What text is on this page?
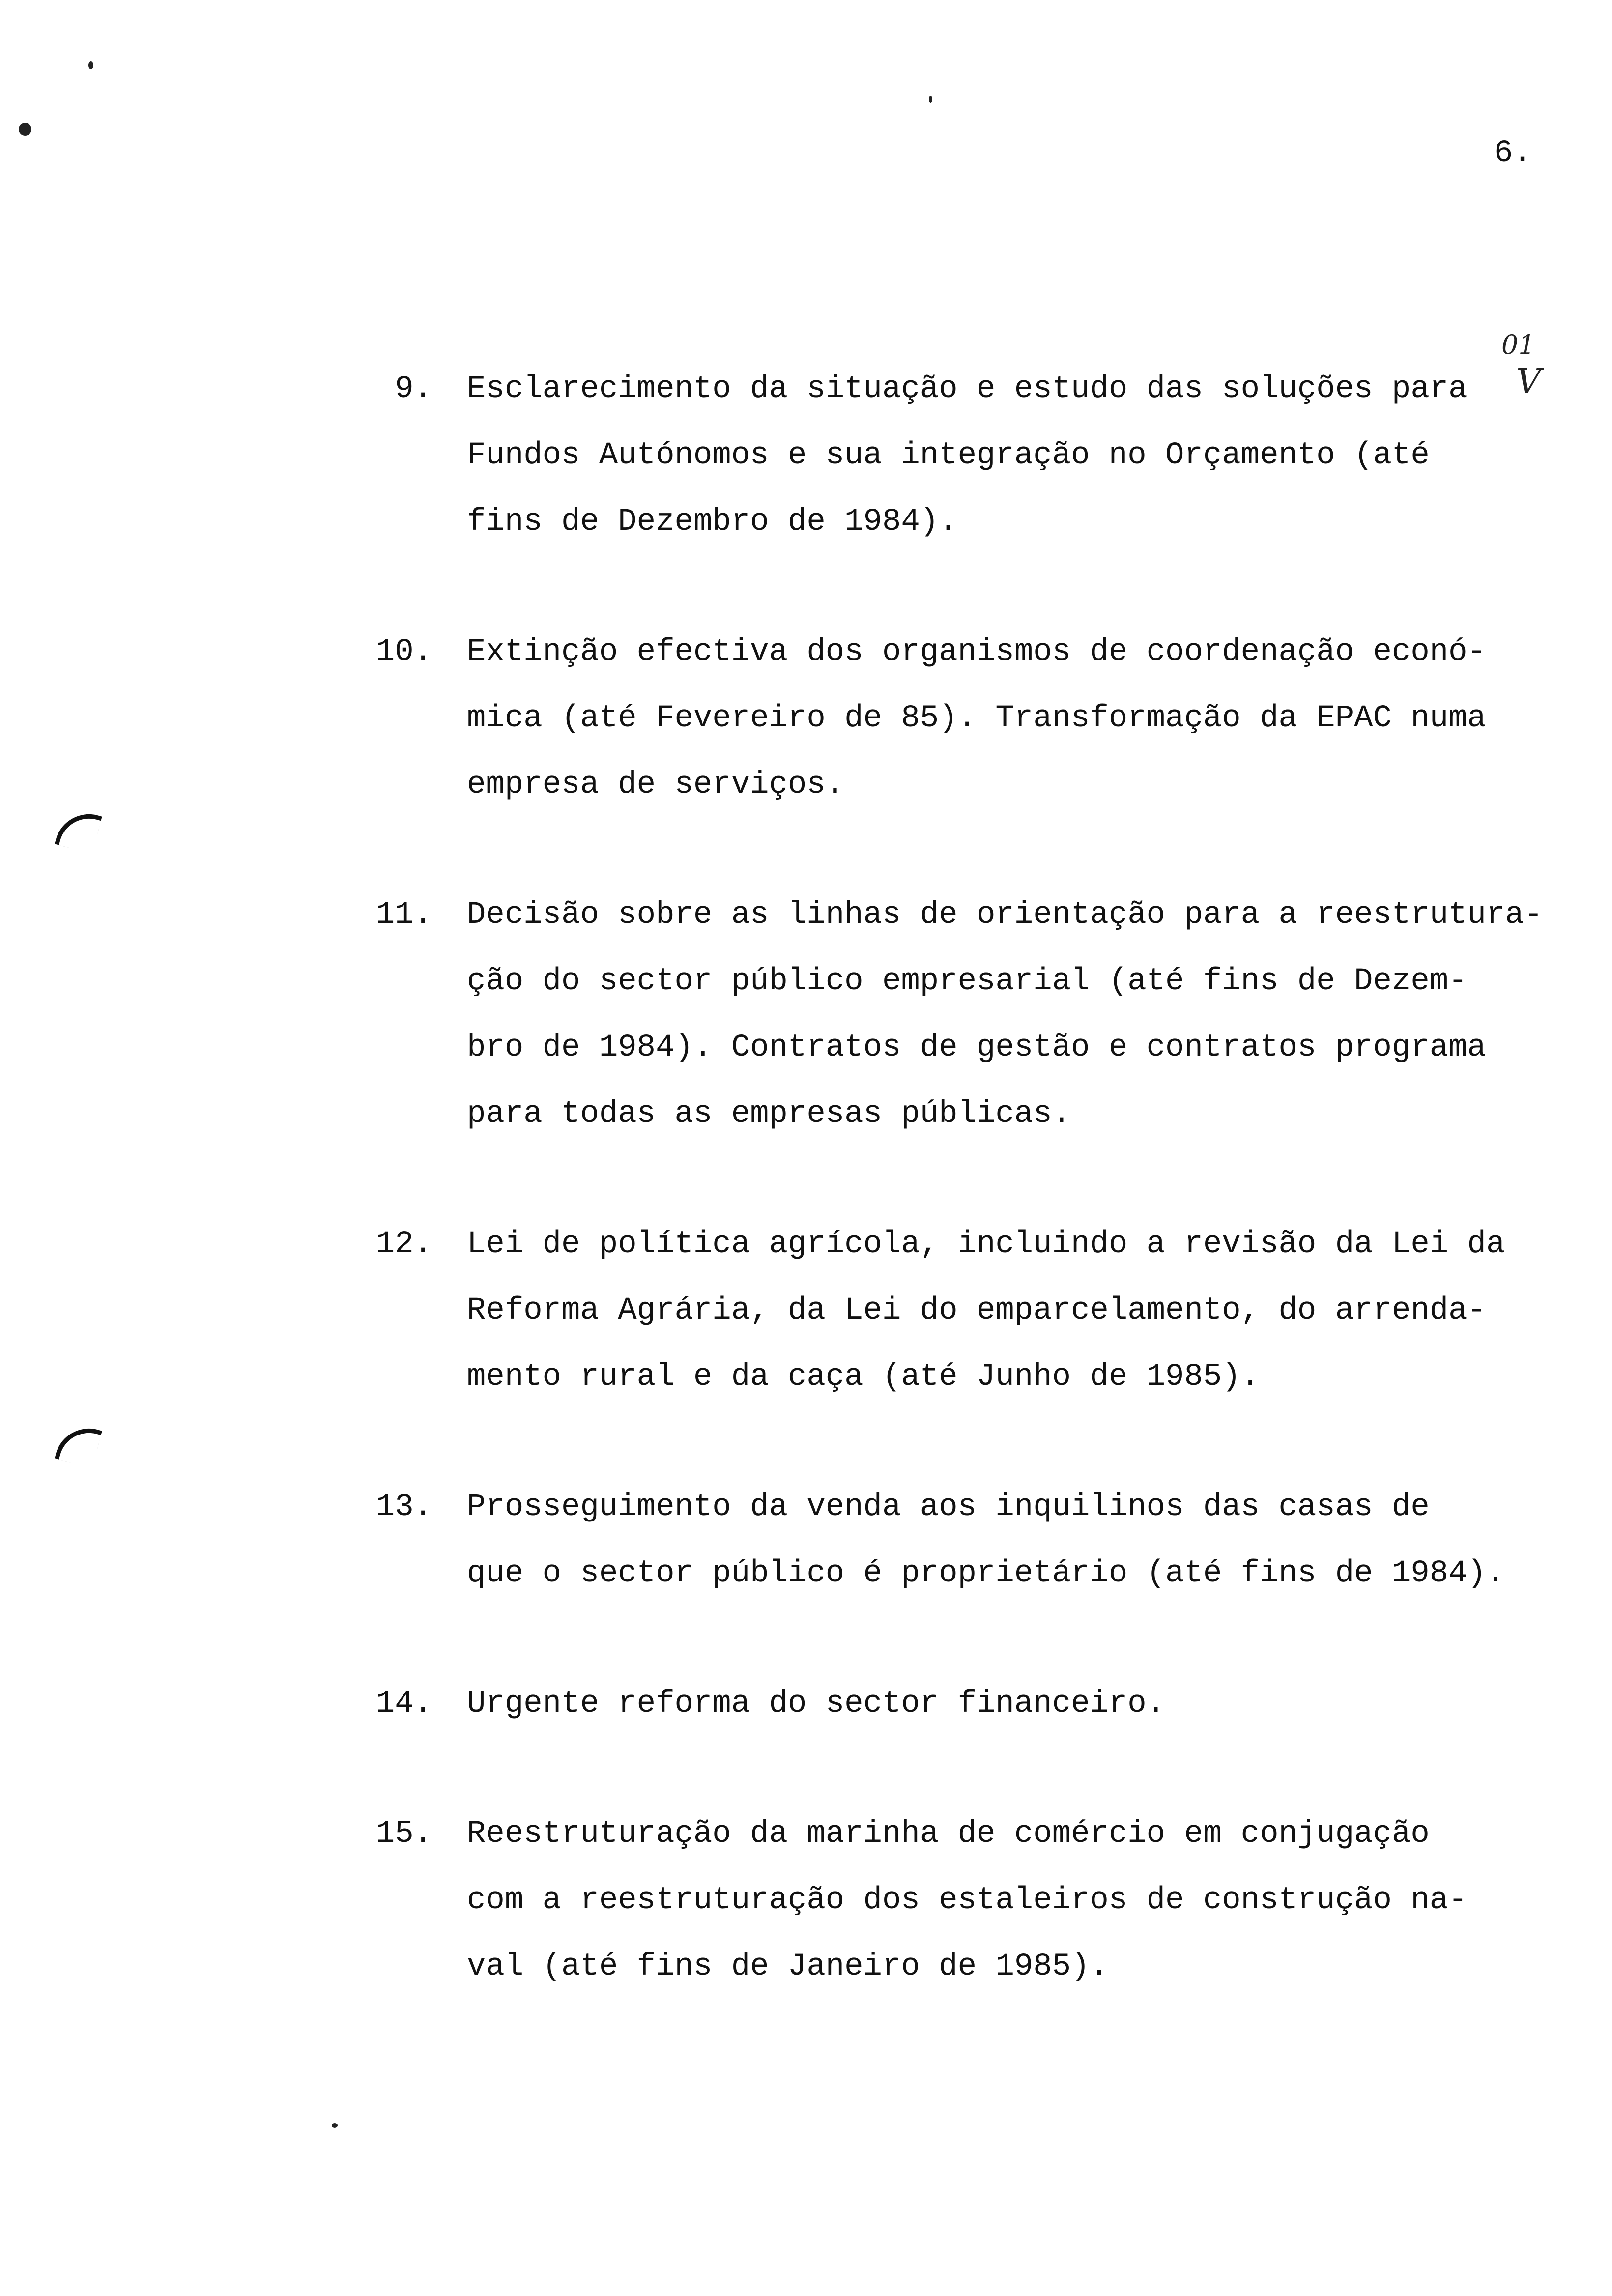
6.
01
V
9. Esclarecimento da situação e estudo das soluções para
Fundos Autónomos e sua integração no Orçamento (até
fins de Dezembro de 1984).
10. Extinção efectiva dos organismos de coordenação econó-
mica (até Fevereiro de 85). Transformação da EPAC numa
empresa de serviços.
11. Decisão sobre as linhas de orientação para a reestrutura-
ção do sector público empresarial (até fins de Dezem-
bro de 1984). Contratos de gestão e contratos programa
para todas as empresas públicas.
12. Lei de política agrícola, incluindo a revisão da Lei da
Reforma Agrária, da Lei do emparcelamento, do arrenda-
mento rural e da caça (até Junho de 1985).
13. Prosseguimento da venda aos inquilinos das casas de
que o sector público é proprietário (até fins de 1984).
14. Urgente reforma do sector financeiro.
15. Reestruturação da marinha de comércio em conjugação
com a reestruturação dos estaleiros de construção na-
val (até fins de Janeiro de 1985).
